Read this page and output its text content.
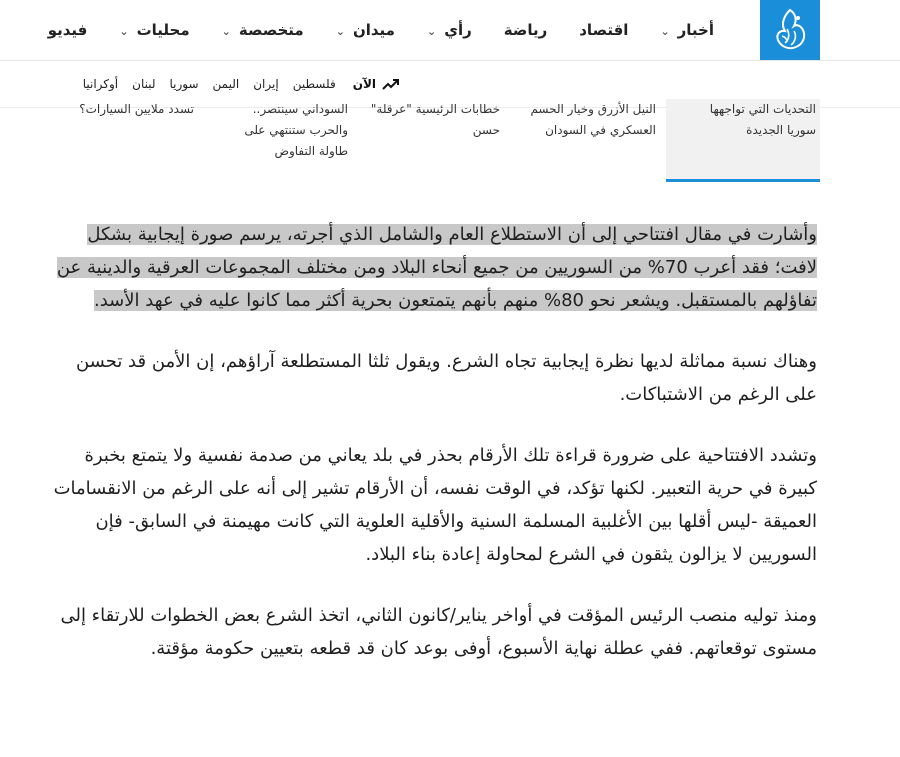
أخبار
⌄
اقتصاد
رياضة
رأي
⌄
ميدان
⌄
متخصصة
⌄
محليات
⌄
فيديو
الآن
فلسطين
إيران
اليمن
سوريا
لبنان
أوكرانيا
التحديات التي تواجهها
سوريا الجديدة
النيل الأزرق وخيار الحسم
العسكري في السودان
خطابات الرئيسية "عرقلة"
حسن
السوداني سينتصر..
والحرب ستنتهي على
طاولة التفاوض
تسدد ملايين السيارات؟

وأشارت في مقال افتتاحي إلى أن الاستطلاع العام والشامل الذي أجرته، يرسم صورة إيجابية بشكل لافت؛ فقد أعرب 70% من السوريين من جميع أنحاء البلاد ومن مختلف المجموعات العرقية والدينية عن تفاؤلهم بالمستقبل. ويشعر نحو 80% منهم بأنهم يتمتعون بحرية أكثر مما كانوا عليه في عهد الأسد.

وهناك نسبة مماثلة لديها نظرة إيجابية تجاه الشرع. ويقول ثلثا المستطلعة آراؤهم، إن الأمن قد تحسن على الرغم من الاشتباكات.

وتشدد الافتتاحية على ضرورة قراءة تلك الأرقام بحذر في بلد يعاني من صدمة نفسية ولا يتمتع بخبرة كبيرة في حرية التعبير. لكنها تؤكد، في الوقت نفسه، أن الأرقام تشير إلى أنه على الرغم من الانقسامات العميقة -ليس أقلها بين الأغلبية المسلمة السنية والأقلية العلوية التي كانت مهيمنة في السابق- فإن السوريين لا يزالون يثقون في الشرع لمحاولة إعادة بناء البلاد.

ومنذ توليه منصب الرئيس المؤقت في أواخر يناير/كانون الثاني، اتخذ الشرع بعض الخطوات للارتقاء إلى مستوى توقعاتهم. ففي عطلة نهاية الأسبوع، أوفى بوعد كان قد قطعه بتعيين حكومة مؤقتة.
